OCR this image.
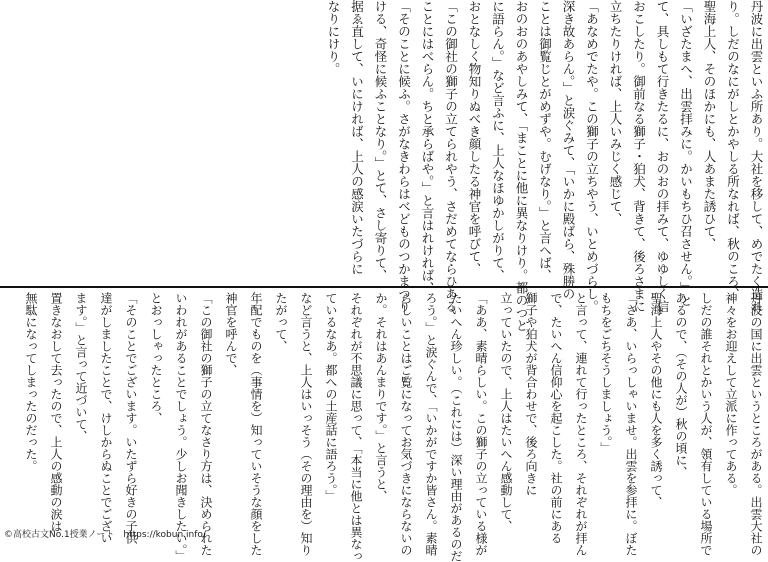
丹波に出雲といふ所あり。大社を移して、めでたく造れ
り。しだのなにがしとかやしる所なれば、秋のころ、
聖海上人、そのほかにも、人あまた誘ひて、
「いざたまへ、出雲拝みに。かいもちひ召させん。」と
て、具しもて行きたるに、おのおの拝みて、ゆゆしく信
おこしたり。御前なる獅子・狛犬、背きて、後ろさまに
立ちたりければ、上人いみじく感じて、
「あなめでたや。この獅子の立ちやう、いとめづらし。
深き故あらん。」と涙ぐみて、「いかに殿ばら、殊勝の
ことは御覧じとがめずや。むげなり。」と言へば、
おのおのあやしみて、「まことに他に異なりけり。都のつと
に語らん。」など言ふに、上人なほゆかしがりて、
おとなしく物知りぬべき顔したる神官を呼びて、
「この御社の獅子の立てられやう、さだめてならひある
ことにはべらん。ちと承らばや。」と言はれければ、
「そのことに候ふ。さがなきわらはべどものつかまつり
ける、奇怪に候ふことなり。」とて、さし寄りて、
据ゑ直して、いにければ、上人の感涙いたづらに
なりにけり。
丹波の国に出雲というところがある。出雲大社の
神々をお迎えして立派に作ってある。
しだの誰それとかいう人が、領有している場所で
あるので、（その人が）秋の頃に、
聖海上人やその他にも人を多く誘って、
「さあ、いらっしゃいませ。出雲を参拝に。ぼた
もちをごちそうしましょう。」
と言って、連れて行ったところ、それぞれが拝ん
で、たいへん信仰心を起こした。社の前にある
獅子や狛犬が背合わせで、後ろ向きに
立っていたので、上人はたいへん感動して、
「ああ、素晴らしい。この獅子の立っている様が
たいへん珍しい。（これには）深い理由があるのだ
ろう。」と涙ぐんで、「いかがですか皆さん。素晴
らしいことはご覧になってお気づきにならないの
か。それはあんまりです。」と言うと、
それぞれが不思議に思って、「本当に他とは異なっ
ているなあ。都への土産話に語ろう。」
など言うと、上人はいっそう（その理由を）知り
たがって、
年配でものを（事情を）知っていそうな顔をした
神官を呼んで、
「この御社の獅子の立てなさり方は、決められた
いわれがあることでしょう。少しお聞きしたい。」
とおっしゃったところ、
「そのことでございます。いたずら好きの子供
達がしましたことで、けしからぬことでござい
ます。」と言って近づいて、
置きなおして去ったので、上人の感動の涙は
無駄になってしまったのだった。
©高校古文No.1授業ノート　https://kobun.info/
